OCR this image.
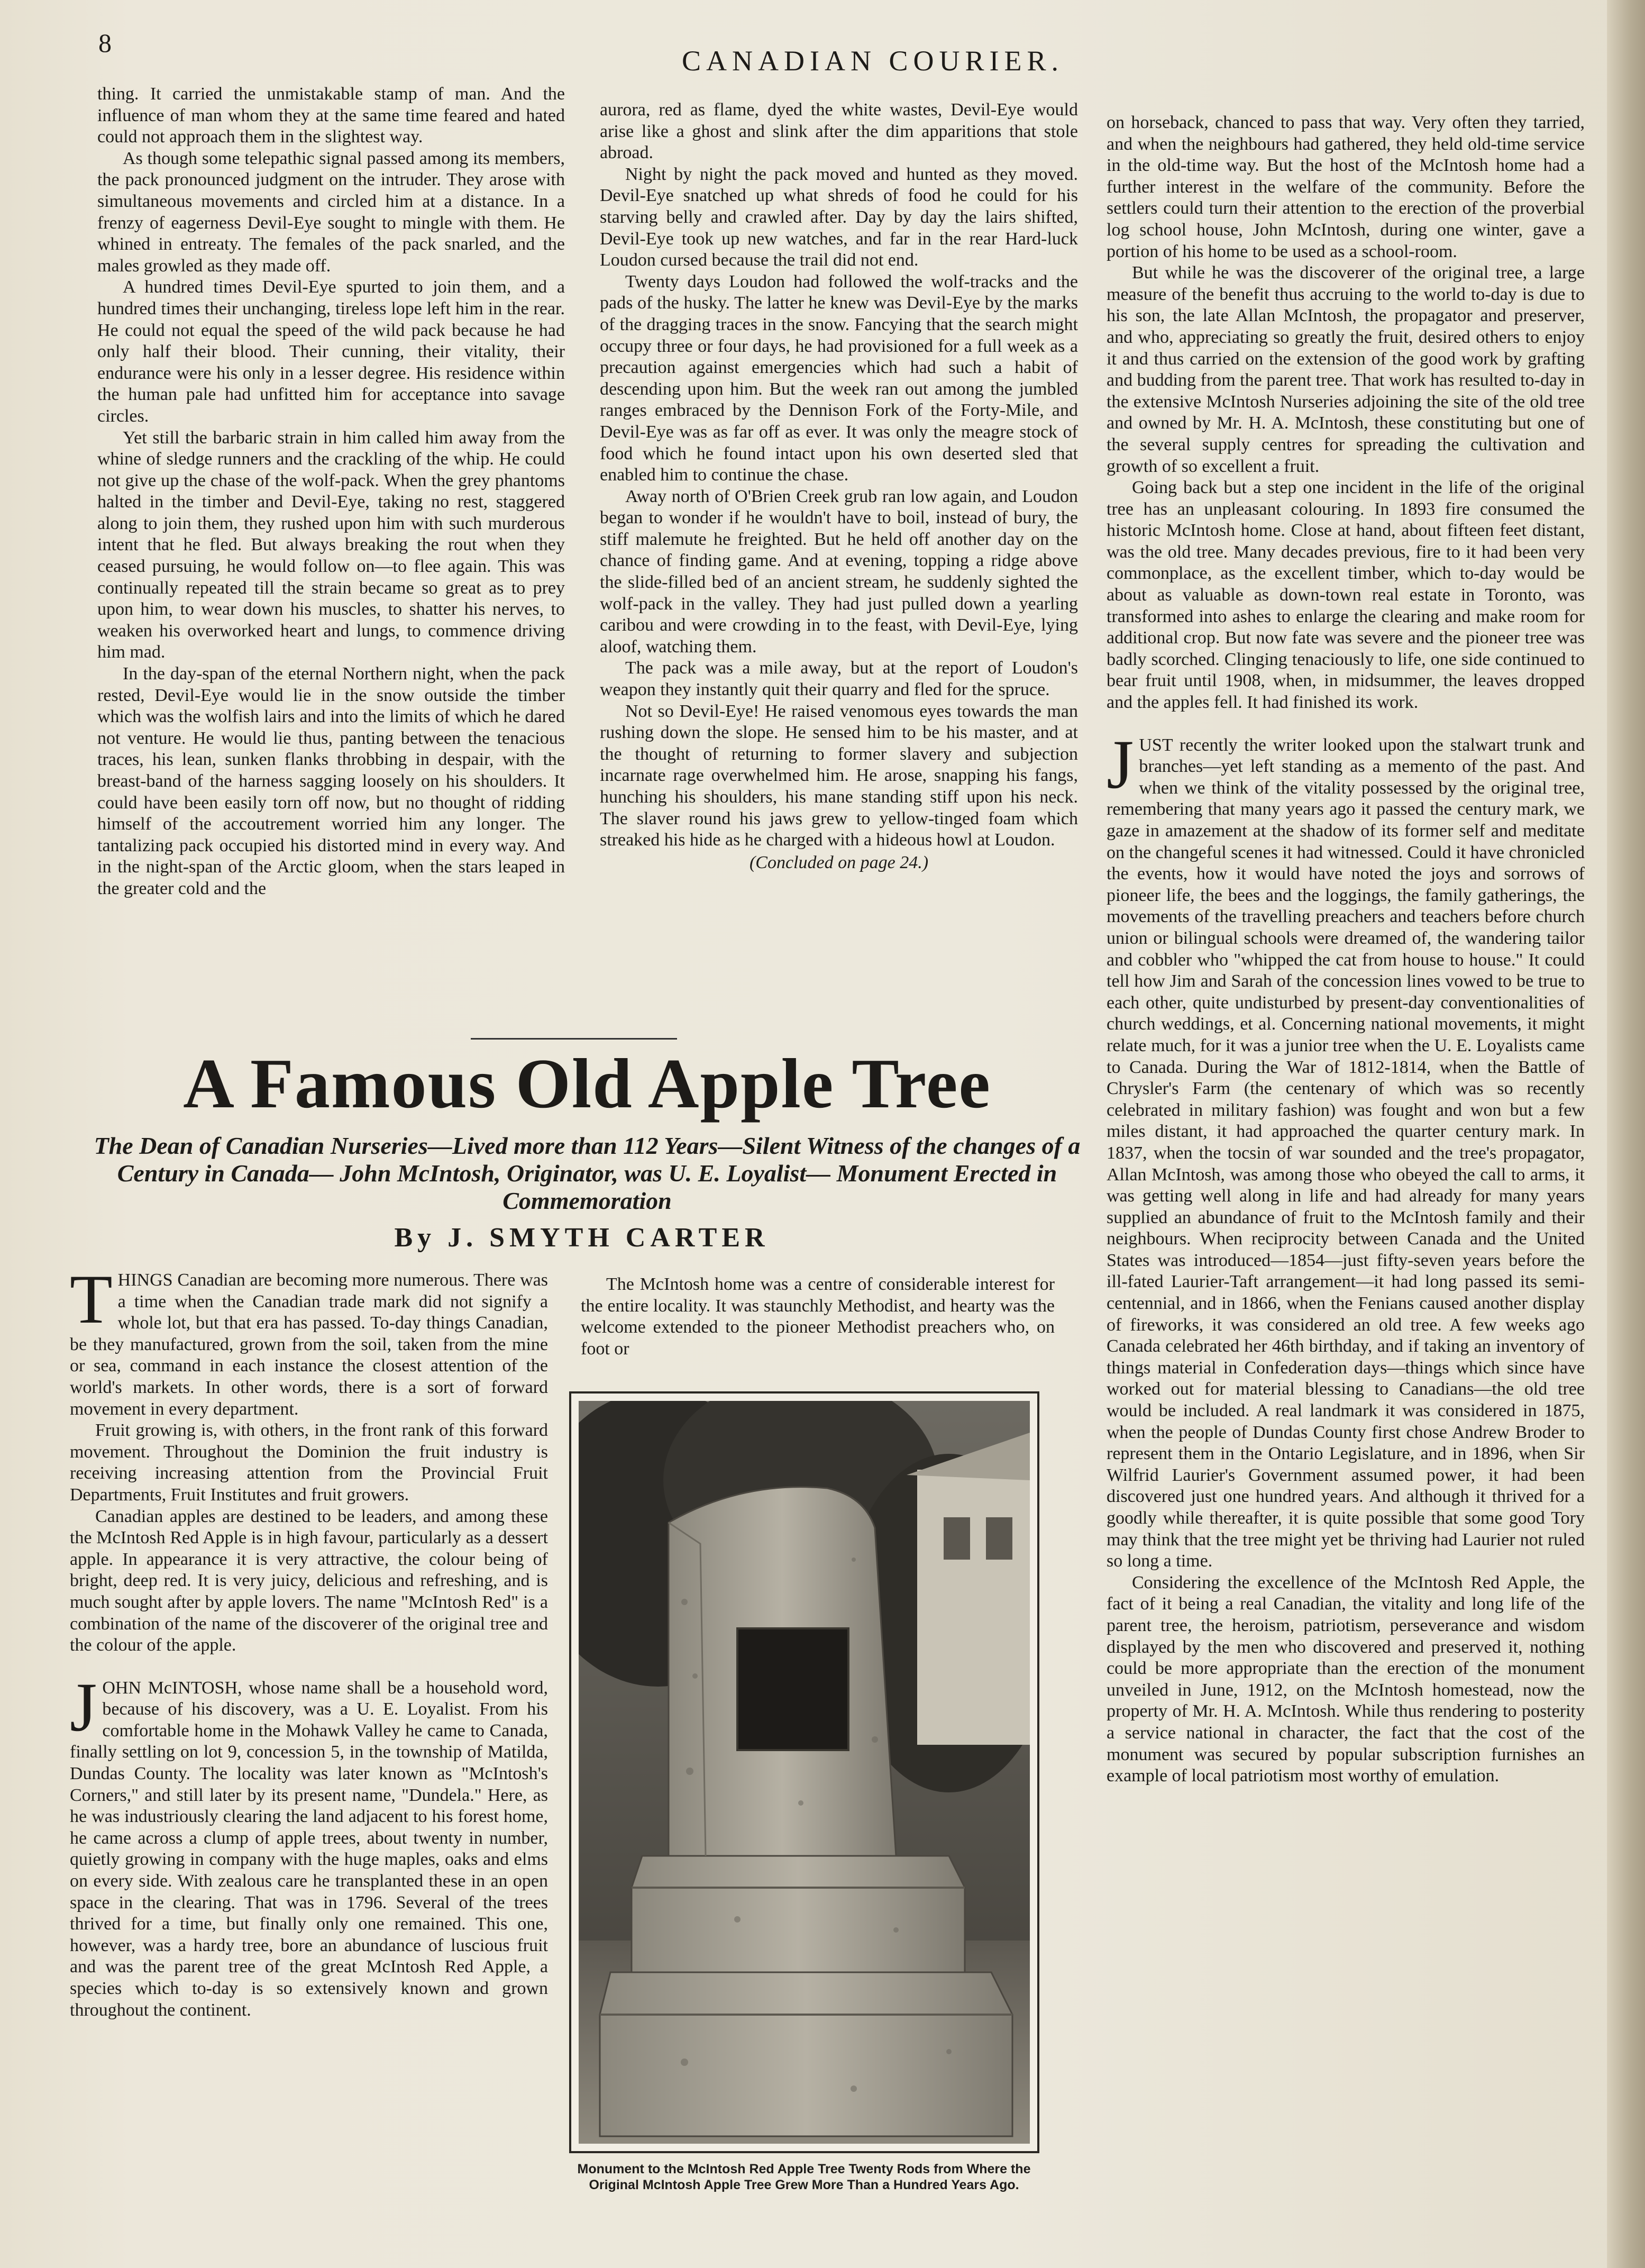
8
CANADIAN COURIER.

thing. It carried the unmistakable stamp of man. And the influence of man whom they at the same time feared and hated could not approach them in the slightest way.

As though some telepathic signal passed among its members, the pack pronounced judgment on the intruder. They arose with simultaneous movements and circled him at a distance. In a frenzy of eagerness Devil-Eye sought to mingle with them. He whined in entreaty. The females of the pack snarled, and the males growled as they made off.

A hundred times Devil-Eye spurted to join them, and a hundred times their unchanging, tireless lope left him in the rear. He could not equal the speed of the wild pack because he had only half their blood. Their cunning, their vitality, their endurance were his only in a lesser degree. His residence within the human pale had unfitted him for acceptance into savage circles.

Yet still the barbaric strain in him called him away from the whine of sledge runners and the crackling of the whip. He could not give up the chase of the wolf-pack. When the grey phantoms halted in the timber and Devil-Eye, taking no rest, staggered along to join them, they rushed upon him with such murderous intent that he fled. But always breaking the rout when they ceased pursuing, he would follow on—to flee again. This was continually repeated till the strain became so great as to prey upon him, to wear down his muscles, to shatter his nerves, to weaken his overworked heart and lungs, to commence driving him mad.

In the day-span of the eternal Northern night, when the pack rested, Devil-Eye would lie in the snow outside the timber which was the wolfish lairs and into the limits of which he dared not venture. He would lie thus, panting between the tenacious traces, his lean, sunken flanks throbbing in despair, with the breast-band of the harness sagging loosely on his shoulders. It could have been easily torn off now, but no thought of ridding himself of the accoutrement worried him any longer. The tantalizing pack occupied his distorted mind in every way. And in the night-span of the Arctic gloom, when the stars leaped in the greater cold and the

aurora, red as flame, dyed the white wastes, Devil-Eye would arise like a ghost and slink after the dim apparitions that stole abroad.

Night by night the pack moved and hunted as they moved. Devil-Eye snatched up what shreds of food he could for his starving belly and crawled after. Day by day the lairs shifted, Devil-Eye took up new watches, and far in the rear Hard-luck Loudon cursed because the trail did not end.

Twenty days Loudon had followed the wolf-tracks and the pads of the husky. The latter he knew was Devil-Eye by the marks of the dragging traces in the snow. Fancying that the search might occupy three or four days, he had provisioned for a full week as a precaution against emergencies which had such a habit of descending upon him. But the week ran out among the jumbled ranges embraced by the Dennison Fork of the Forty-Mile, and Devil-Eye was as far off as ever. It was only the meagre stock of food which he found intact upon his own deserted sled that enabled him to continue the chase.

Away north of O'Brien Creek grub ran low again, and Loudon began to wonder if he wouldn't have to boil, instead of bury, the stiff malemute he freighted. But he held off another day on the chance of finding game. And at evening, topping a ridge above the slide-filled bed of an ancient stream, he suddenly sighted the wolf-pack in the valley. They had just pulled down a yearling caribou and were crowding in to the feast, with Devil-Eye, lying aloof, watching them.

The pack was a mile away, but at the report of Loudon's weapon they instantly quit their quarry and fled for the spruce.

Not so Devil-Eye! He raised venomous eyes towards the man rushing down the slope. He sensed him to be his master, and at the thought of returning to former slavery and subjection incarnate rage overwhelmed him. He arose, snapping his fangs, hunching his shoulders, his mane standing stiff upon his neck. The slaver round his jaws grew to yellow-tinged foam which streaked his hide as he charged with a hideous howl at Loudon.

(Concluded on page 24.)

on horseback, chanced to pass that way. Very often they tarried, and when the neighbours had gathered, they held old-time service in the old-time way. But the host of the McIntosh home had a further interest in the welfare of the community. Before the settlers could turn their attention to the erection of the proverbial log school house, John McIntosh, during one winter, gave a portion of his home to be used as a school-room.

But while he was the discoverer of the original tree, a large measure of the benefit thus accruing to the world to-day is due to his son, the late Allan McIntosh, the propagator and preserver, and who, appreciating so greatly the fruit, desired others to enjoy it and thus carried on the extension of the good work by grafting and budding from the parent tree. That work has resulted to-day in the extensive McIntosh Nurseries adjoining the site of the old tree and owned by Mr. H. A. McIntosh, these constituting but one of the several supply centres for spreading the cultivation and growth of so excellent a fruit.

Going back but a step one incident in the life of the original tree has an unpleasant colouring. In 1893 fire consumed the historic McIntosh home. Close at hand, about fifteen feet distant, was the old tree. Many decades previous, fire to it had been very commonplace, as the excellent timber, which to-day would be about as valuable as down-town real estate in Toronto, was transformed into ashes to enlarge the clearing and make room for additional crop. But now fate was severe and the pioneer tree was badly scorched. Clinging tenaciously to life, one side continued to bear fruit until 1908, when, in midsummer, the leaves dropped and the apples fell. It had finished its work.

JUST recently the writer looked upon the stalwart trunk and branches—yet left standing as a memento of the past. And when we think of the vitality possessed by the original tree, remembering that many years ago it passed the century mark, we gaze in amazement at the shadow of its former self and meditate on the changeful scenes it had witnessed. Could it have chronicled the events, how it would have noted the joys and sorrows of pioneer life, the bees and the loggings, the family gatherings, the movements of the travelling preachers and teachers before church union or bilingual schools were dreamed of, the wandering tailor and cobbler who "whipped the cat from house to house." It could tell how Jim and Sarah of the concession lines vowed to be true to each other, quite undisturbed by present-day conventionalities of church weddings, et al. Concerning national movements, it might relate much, for it was a junior tree when the U. E. Loyalists came to Canada. During the War of 1812-1814, when the Battle of Chrysler's Farm (the centenary of which was so recently celebrated in military fashion) was fought and won but a few miles distant, it had approached the quarter century mark. In 1837, when the tocsin of war sounded and the tree's propagator, Allan McIntosh, was among those who obeyed the call to arms, it was getting well along in life and had already for many years supplied an abundance of fruit to the McIntosh family and their neighbours. When reciprocity between Canada and the United States was introduced—1854—just fifty-seven years before the ill-fated Laurier-Taft arrangement—it had long passed its semi-centennial, and in 1866, when the Fenians caused another display of fireworks, it was considered an old tree. A few weeks ago Canada celebrated her 46th birthday, and if taking an inventory of things material in Confederation days—things which since have worked out for material blessing to Canadians—the old tree would be included. A real landmark it was considered in 1875, when the people of Dundas County first chose Andrew Broder to represent them in the Ontario Legislature, and in 1896, when Sir Wilfrid Laurier's Government assumed power, it had been discovered just one hundred years. And although it thrived for a goodly while thereafter, it is quite possible that some good Tory may think that the tree might yet be thriving had Laurier not ruled so long a time.

Considering the excellence of the McIntosh Red Apple, the fact of it being a real Canadian, the vitality and long life of the parent tree, the heroism, patriotism, perseverance and wisdom displayed by the men who discovered and preserved it, nothing could be more appropriate than the erection of the monument unveiled in June, 1912, on the McIntosh homestead, now the property of Mr. H. A. McIntosh. While thus rendering to posterity a service national in character, the fact that the cost of the monument was secured by popular subscription furnishes an example of local patriotism most worthy of emulation.

A Famous Old Apple Tree

The Dean of Canadian Nurseries—Lived more than 112 Years—Silent Witness of the changes of a Century in Canada— John McIntosh, Originator, was U. E. Loyalist— Monument Erected in Commemoration

By J. SMYTH CARTER

THINGS Canadian are becoming more numerous. There was a time when the Canadian trade mark did not signify a whole lot, but that era has passed. To-day things Canadian, be they manufactured, grown from the soil, taken from the mine or sea, command in each instance the closest attention of the world's markets. In other words, there is a sort of forward movement in every department.

Fruit growing is, with others, in the front rank of this forward movement. Throughout the Dominion the fruit industry is receiving increasing attention from the Provincial Fruit Departments, Fruit Institutes and fruit growers.

Canadian apples are destined to be leaders, and among these the McIntosh Red Apple is in high favour, particularly as a dessert apple. In appearance it is very attractive, the colour being of bright, deep red. It is very juicy, delicious and refreshing, and is much sought after by apple lovers. The name "McIntosh Red" is a combination of the name of the discoverer of the original tree and the colour of the apple.

JOHN McINTOSH, whose name shall be a household word, because of his discovery, was a U. E. Loyalist. From his comfortable home in the Mohawk Valley he came to Canada, finally settling on lot 9, concession 5, in the township of Matilda, Dundas County. The locality was later known as "McIntosh's Corners," and still later by its present name, "Dundela." Here, as he was industriously clearing the land adjacent to his forest home, he came across a clump of apple trees, about twenty in number, quietly growing in company with the huge maples, oaks and elms on every side. With zealous care he transplanted these in an open space in the clearing. That was in 1796. Several of the trees thrived for a time, but finally only one remained. This one, however, was a hardy tree, bore an abundance of luscious fruit and was the parent tree of the great McIntosh Red Apple, a species which to-day is so extensively known and grown throughout the continent.

The McIntosh home was a centre of considerable interest for the entire locality. It was staunchly Methodist, and hearty was the welcome extended to the pioneer Methodist preachers who, on foot or

Monument to the McIntosh Red Apple Tree Twenty Rods from Where the Original McIntosh Apple Tree Grew More Than a Hundred Years Ago.
